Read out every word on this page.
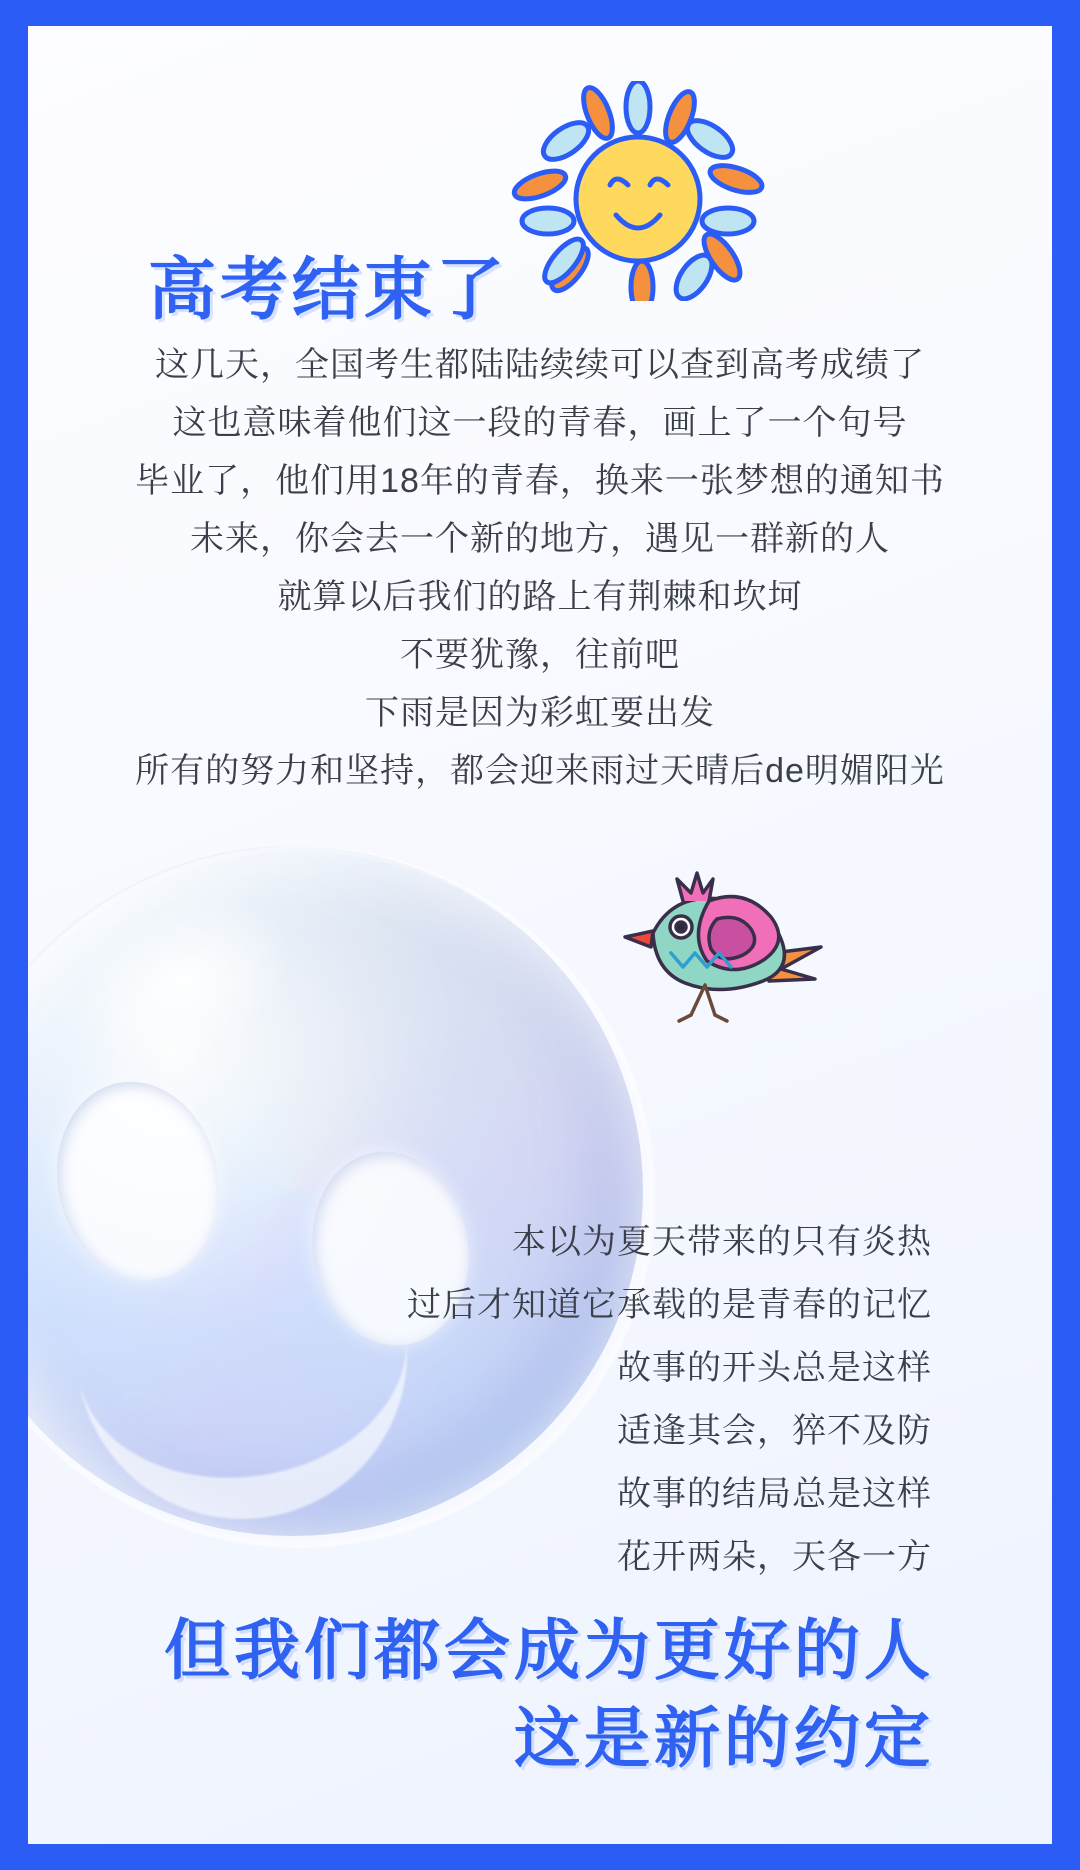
高考结束了
这几天，全国考生都陆陆续续可以查到高考成绩了
这也意味着他们这一段的青春，画上了一个句号
毕业了，他们用18年的青春，换来一张梦想的通知书
未来，你会去一个新的地方，遇见一群新的人
就算以后我们的路上有荆棘和坎坷
不要犹豫，往前吧
下雨是因为彩虹要出发
所有的努力和坚持，都会迎来雨过天晴后de明媚阳光
本以为夏天带来的只有炎热
过后才知道它承载的是青春的记忆
故事的开头总是这样
适逢其会，猝不及防
故事的结局总是这样
花开两朵，天各一方
但我们都会成为更好的人
这是新的约定
